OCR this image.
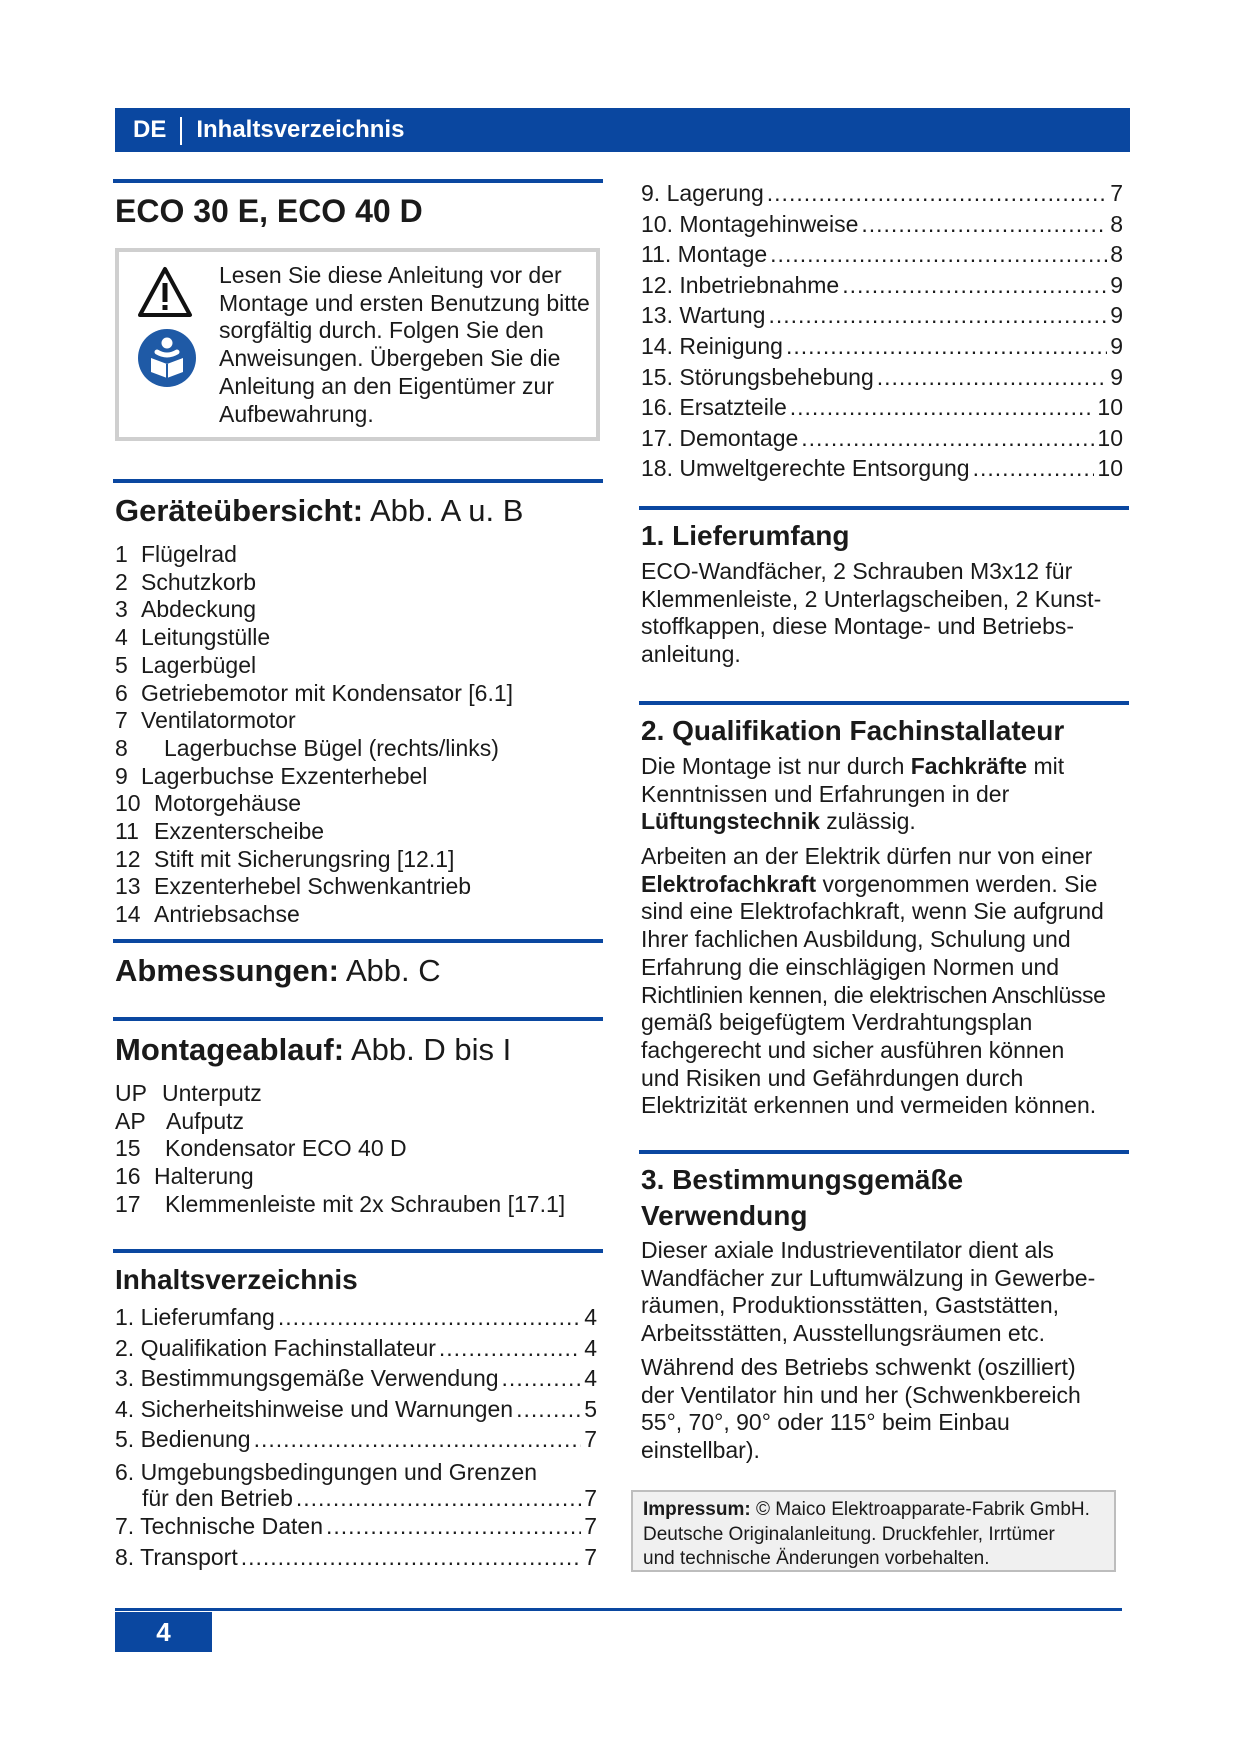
DE Inhaltsverzeichnis
ECO 30 E, ECO 40 D
Lesen Sie diese Anleitung vor der
Montage und ersten Benutzung bitte
sorgfältig durch. Folgen Sie den
Anweisungen. Übergeben Sie die
Anleitung an den Eigentümer zur
Aufbewahrung.
Geräteübersicht: Abb. A u. B
1 Flügelrad
2 Schutzkorb
3 Abdeckung
4 Leitungstülle
5 Lagerbügel
6 Getriebemotor mit Kondensator [6.1]
7 Ventilatormotor
8 Lagerbuchse Bügel (rechts/links)
9 Lagerbuchse Exzenterhebel
10 Motorgehäuse
11 Exzenterscheibe
12 Stift mit Sicherungsring [12.1]
13 Exzenterhebel Schwenkantrieb
14 Antriebsachse
Abmessungen: Abb. C
Montageablauf: Abb. D bis I
UP Unterputz
AP Aufputz
15 Kondensator ECO 40 D
16 Halterung
17 Klemmenleiste mit 2x Schrauben [17.1]
Inhaltsverzeichnis
1. Lieferumfang .....	4
2. Qualifikation Fachinstallateur .....	4
3. Bestimmungsgemäße Verwendung .....	4
4. Sicherheitshinweise und Warnungen .....	5
5. Bedienung .....	7
6. Umgebungsbedingungen und Grenzen
für den Betrieb .....	7
7. Technische Daten .....	7
8. Transport .....	7
9. Lagerung .....	7
10. Montagehinweise .....	8
11. Montage .....	8
12. Inbetriebnahme .....	9
13. Wartung .....	9
14. Reinigung .....	9
15. Störungsbehebung .....	9
16. Ersatzteile .....	10
17. Demontage .....	10
18. Umweltgerechte Entsorgung .....	10
1. Lieferumfang
ECO-Wandfächer, 2 Schrauben M3x12 für
Klemmenleiste, 2 Unterlagscheiben, 2 Kunst-
stoffkappen, diese Montage- und Betriebs-
anleitung.
2. Qualifikation Fachinstallateur
Die Montage ist nur durch Fachkräfte mit
Kenntnissen und Erfahrungen in der
Lüftungstechnik zulässig.
Arbeiten an der Elektrik dürfen nur von einer
Elektrofachkraft vorgenommen werden. Sie
sind eine Elektrofachkraft, wenn Sie aufgrund
Ihrer fachlichen Ausbildung, Schulung und
Erfahrung die einschlägigen Normen und
Richtlinien kennen, die elektrischen Anschlüsse
gemäß beigefügtem Verdrahtungsplan
fachgerecht und sicher ausführen können
und Risiken und Gefährdungen durch
Elektrizität erkennen und vermeiden können.
3. Bestimmungsgemäße
Verwendung
Dieser axiale Industrieventilator dient als
Wandfächer zur Luftumwälzung in Gewerbe-
räumen, Produktionsstätten, Gaststätten,
Arbeitsstätten, Ausstellungsräumen etc.
Während des Betriebs schwenkt (oszilliert)
der Ventilator hin und her (Schwenkbereich
55°, 70°, 90° oder 115° beim Einbau
einstellbar).
Impressum: © Maico Elektroapparate-Fabrik GmbH.
Deutsche Originalanleitung. Druckfehler, Irrtümer
und technische Änderungen vorbehalten.
4
